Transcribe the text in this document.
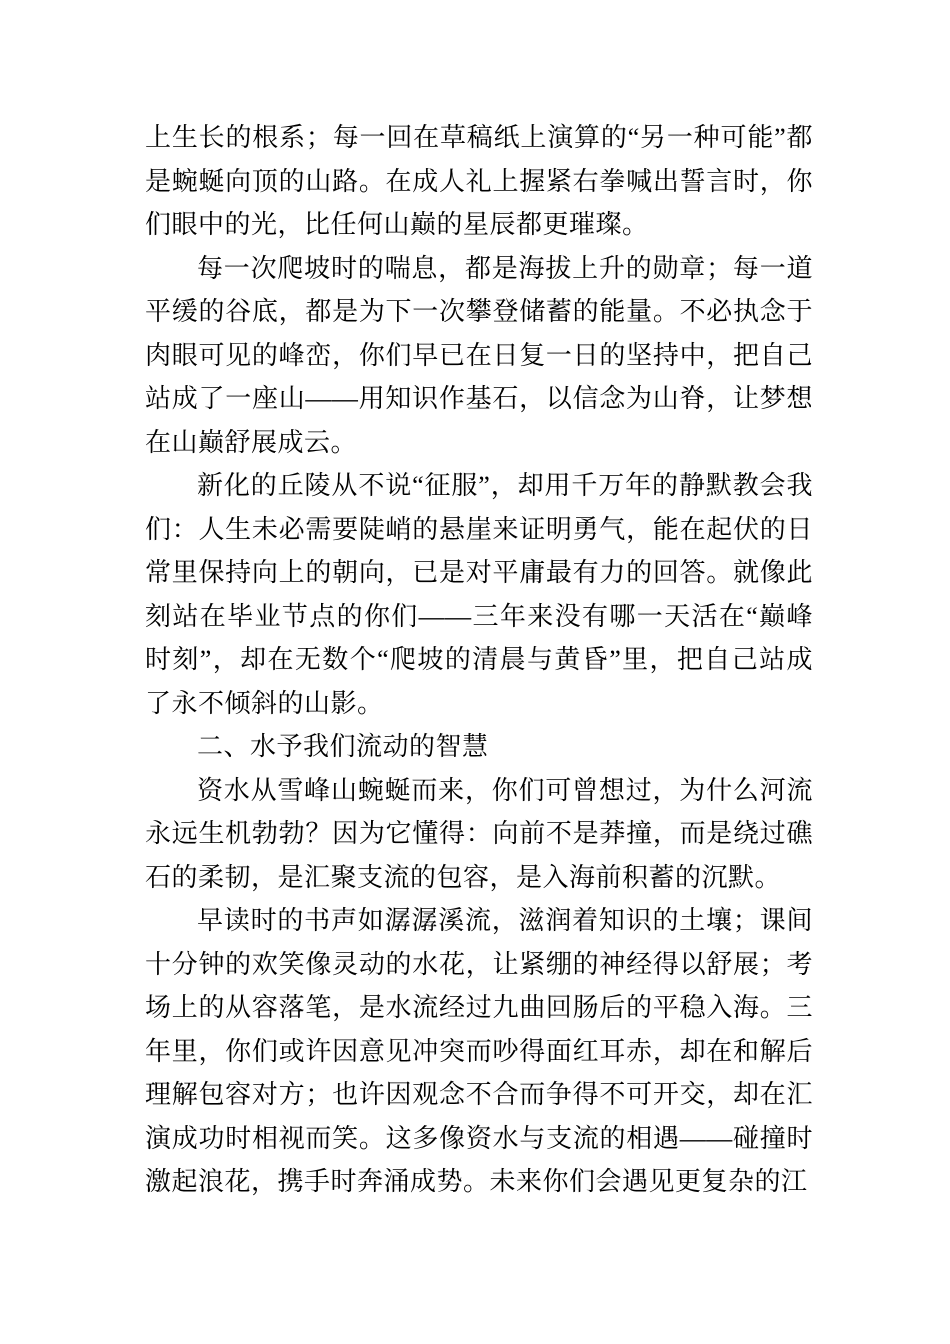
上生长的根系；每一回在草稿纸上演算的“另一种可能”都是蜿蜒向顶的山路。在成人礼上握紧右拳喊出誓言时，你们眼中的光，比任何山巅的星辰都更璀璨。

每一次爬坡时的喘息，都是海拔上升的勋章；每一道平缓的谷底，都是为下一次攀登储蓄的能量。不必执念于肉眼可见的峰峦，你们早已在日复一日的坚持中，把自己站成了一座山——用知识作基石，以信念为山脊，让梦想在山巅舒展成云。

新化的丘陵从不说“征服”，却用千万年的静默教会我们：人生未必需要陡峭的悬崖来证明勇气，能在起伏的日常里保持向上的朝向，已是对平庸最有力的回答。就像此刻站在毕业节点的你们——三年来没有哪一天活在“巅峰时刻”，却在无数个“爬坡的清晨与黄昏”里，把自己站成了永不倾斜的山影。

二、水予我们流动的智慧

资水从雪峰山蜿蜒而来，你们可曾想过，为什么河流永远生机勃勃？因为它懂得：向前不是莽撞，而是绕过礁石的柔韧，是汇聚支流的包容，是入海前积蓄的沉默。

早读时的书声如潺潺溪流，滋润着知识的土壤；课间十分钟的欢笑像灵动的水花，让紧绷的神经得以舒展；考场上的从容落笔，是水流经过九曲回肠后的平稳入海。三年里，你们或许因意见冲突而吵得面红耳赤，却在和解后理解包容对方；也许因观念不合而争得不可开交，却在汇演成功时相视而笑。这多像资水与支流的相遇——碰撞时激起浪花，携手时奔涌成势。未来你们会遇见更复杂的江
